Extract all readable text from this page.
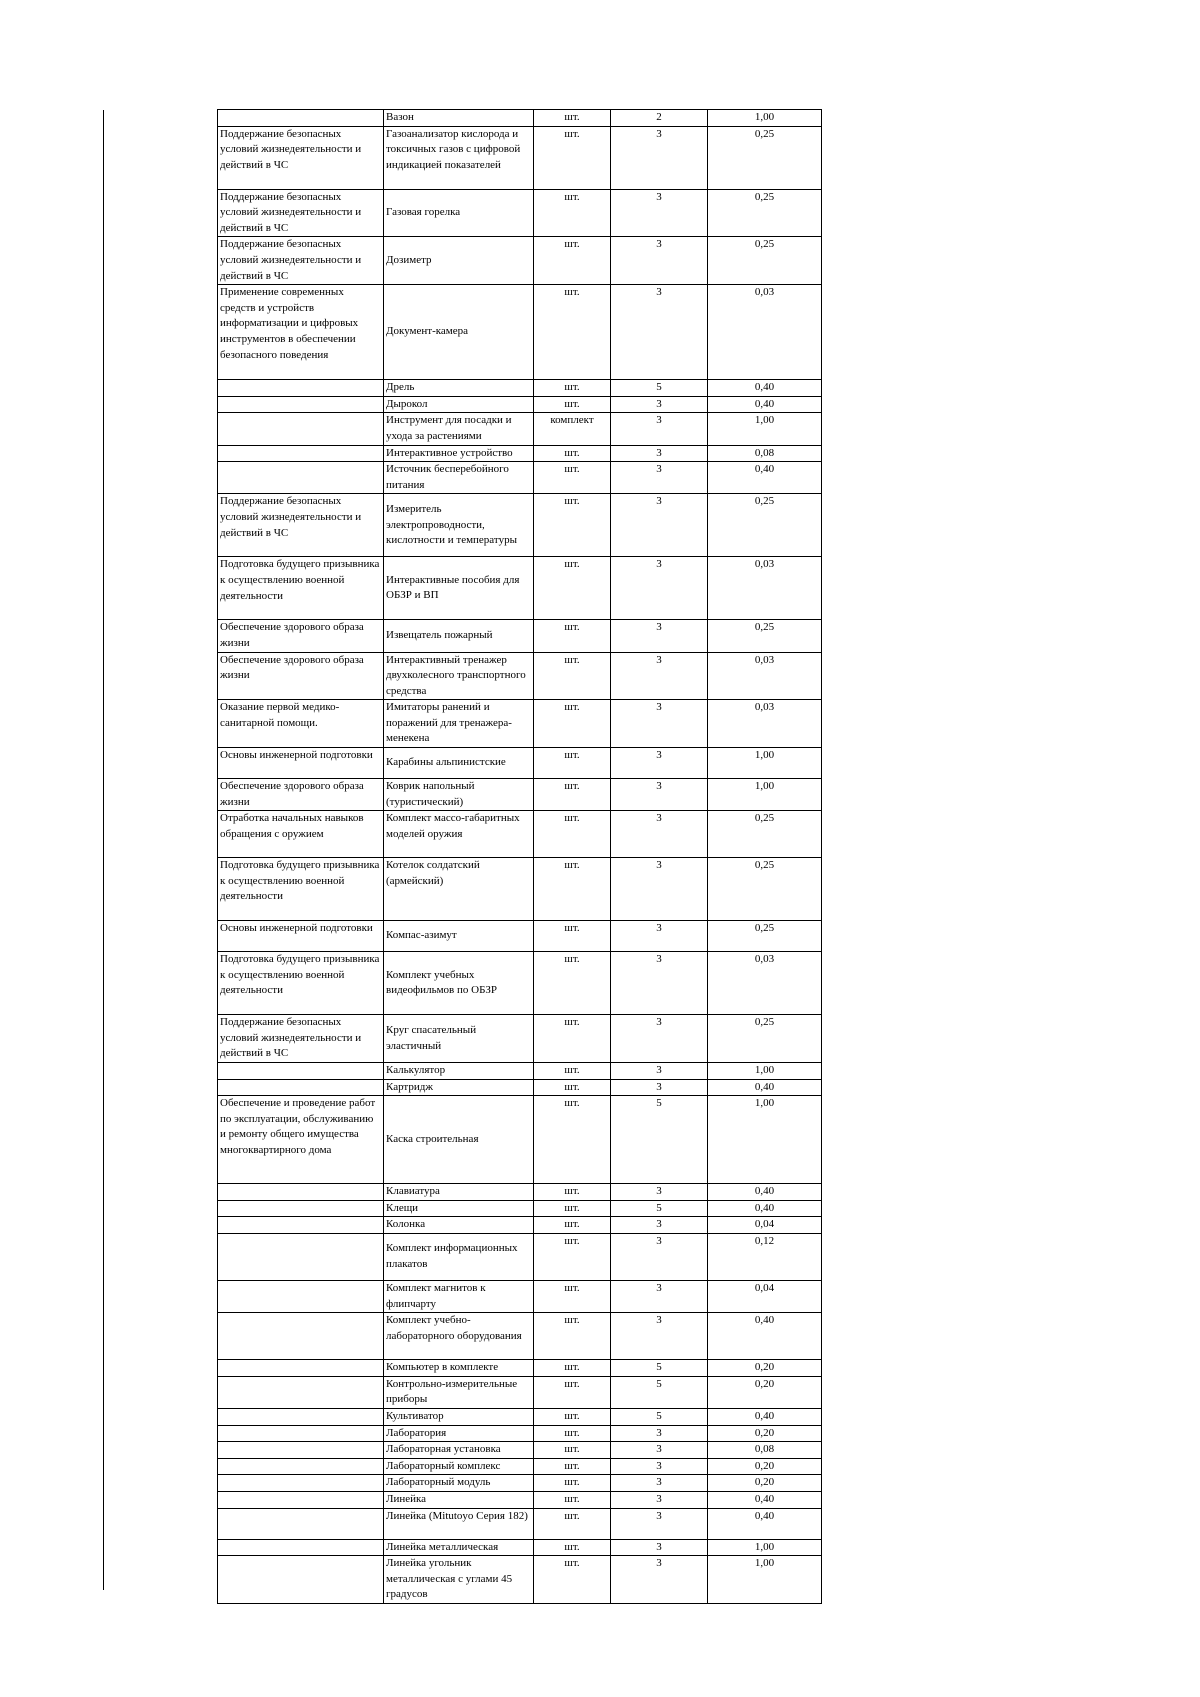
	Вазон	шт.	2	1,00
Поддержание безопасных условий жизнедеятельности и действий в ЧС	Газоанализатор кислорода и токсичных газов с цифровой индикацией показателей	шт.	3	0,25
Поддержание безопасных условий жизнедеятельности и действий в ЧС	Газовая горелка	шт.	3	0,25
Поддержание безопасных условий жизнедеятельности и действий в ЧС	Дозиметр	шт.	3	0,25
Применение современных средств и устройств информатизации и цифровых инструментов в обеспечении безопасного поведения	Документ-камера	шт.	3	0,03
	Дрель	шт.	5	0,40
	Дырокол	шт.	3	0,40
	Инструмент для посадки и ухода за растениями	комплект	3	1,00
	Интерактивное устройство	шт.	3	0,08
	Источник бесперебойного питания	шт.	3	0,40
Поддержание безопасных условий жизнедеятельности и действий в ЧС	Измеритель электропроводности, кислотности и температуры	шт.	3	0,25
Подготовка будущего призывника к осуществлению военной деятельности	Интерактивные пособия для ОБЗР и ВП	шт.	3	0,03
Обеспечение здорового образа жизни	Извещатель пожарный	шт.	3	0,25
Обеспечение здорового образа жизни	Интерактивный тренажер двухколесного транспортного средства	шт.	3	0,03
Оказание первой медико-санитарной помощи.	Имитаторы ранений и поражений для тренажера-менекена	шт.	3	0,03
Основы инженерной подготовки	Карабины альпинистские	шт.	3	1,00
Обеспечение здорового образа жизни	Коврик напольный (туристический)	шт.	3	1,00
Отработка начальных навыков обращения с оружием	Комплект массо-габаритных моделей оружия	шт.	3	0,25
Подготовка будущего призывника к осуществлению военной деятельности	Котелок солдатский (армейский)	шт.	3	0,25
Основы инженерной подготовки	Компас-азимут	шт.	3	0,25
Подготовка будущего призывника к осуществлению военной деятельности	Комплект учебных видеофильмов по ОБЗР	шт.	3	0,03
Поддержание безопасных условий жизнедеятельности и действий в ЧС	Круг спасательный эластичный	шт.	3	0,25
	Калькулятор	шт.	3	1,00
	Картридж	шт.	3	0,40
Обеспечение и проведение работ по эксплуатации, обслуживанию и ремонту общего имущества многоквартирного дома	Каска строительная	шт.	5	1,00
	Клавиатура	шт.	3	0,40
	Клещи	шт.	5	0,40
	Колонка	шт.	3	0,04
	Комплект информационных плакатов	шт.	3	0,12
	Комплект магнитов к флипчарту	шт.	3	0,04
	Комплект учебно-лабораторного оборудования	шт.	3	0,40
	Компьютер в комплекте	шт.	5	0,20
	Контрольно-измерительные приборы	шт.	5	0,20
	Культиватор	шт.	5	0,40
	Лаборатория	шт.	3	0,20
	Лабораторная установка	шт.	3	0,08
	Лабораторный комплекс	шт.	3	0,20
	Лабораторный модуль	шт.	3	0,20
	Линейка	шт.	3	0,40
	Линейка (Mitutoyo Серия 182)	шт.	3	0,40
	Линейка металлическая	шт.	3	1,00
	Линейка угольник металлическая с углами 45 градусов	шт.	3	1,00
